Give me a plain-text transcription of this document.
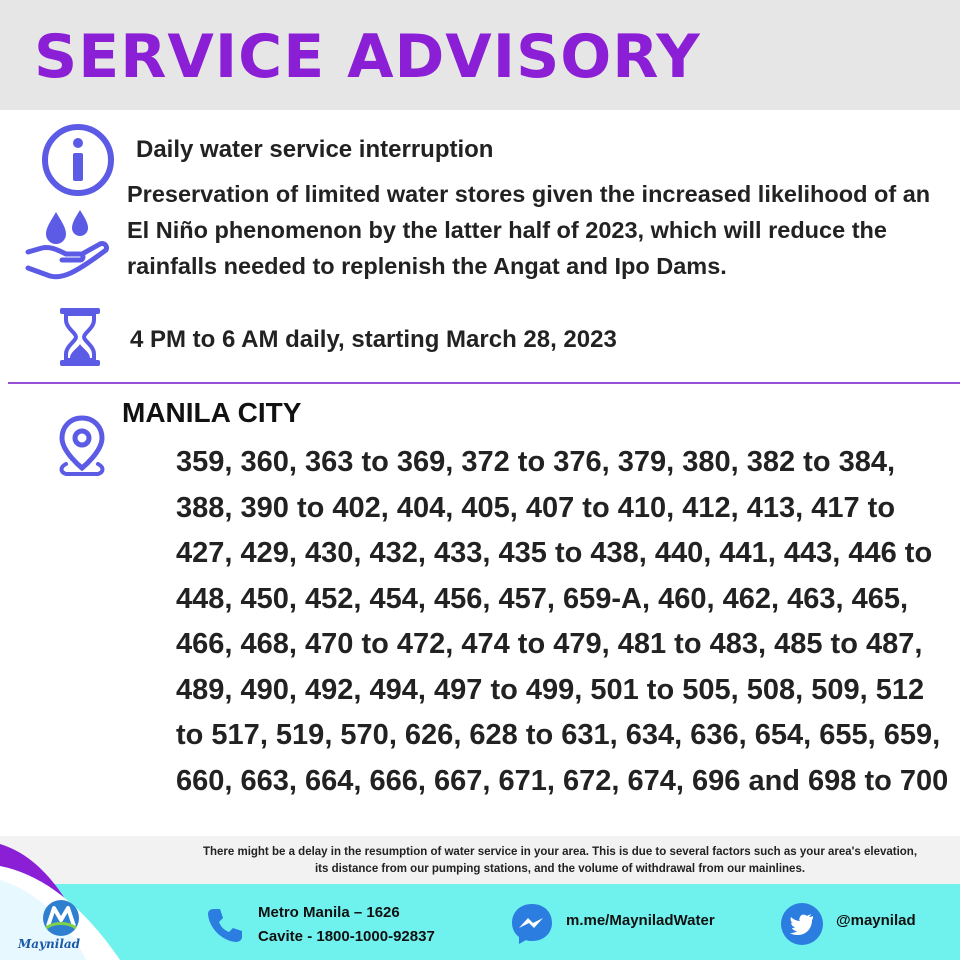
SERVICE ADVISORY
Daily water service interruption
Preservation of limited water stores given the increased likelihood of an El Niño phenomenon by the latter half of 2023, which will reduce the rainfalls needed to replenish the Angat and Ipo Dams.
4 PM to 6 AM daily, starting March 28, 2023
MANILA CITY
359, 360, 363 to 369, 372 to 376, 379, 380, 382 to 384, 388, 390 to 402, 404, 405, 407 to 410, 412, 413, 417 to 427, 429, 430, 432, 433, 435 to 438, 440, 441, 443, 446 to 448, 450, 452, 454, 456, 457, 659-A, 460, 462, 463, 465, 466, 468, 470 to 472, 474 to 479, 481 to 483, 485 to 487, 489, 490, 492, 494, 497 to 499, 501 to 505, 508, 509, 512 to 517, 519, 570, 626, 628 to 631, 634, 636, 654, 655, 659, 660, 663, 664, 666, 667, 671, 672, 674, 696 and 698 to 700
There might be a delay in the resumption of water service in your area. This is due to several factors such as your area's elevation, its distance from our pumping stations, and the volume of withdrawal from our mainlines.
Maynilad
Metro Manila – 1626
Cavite - 1800-1000-92837
m.me/MayniladWater	@maynilad
